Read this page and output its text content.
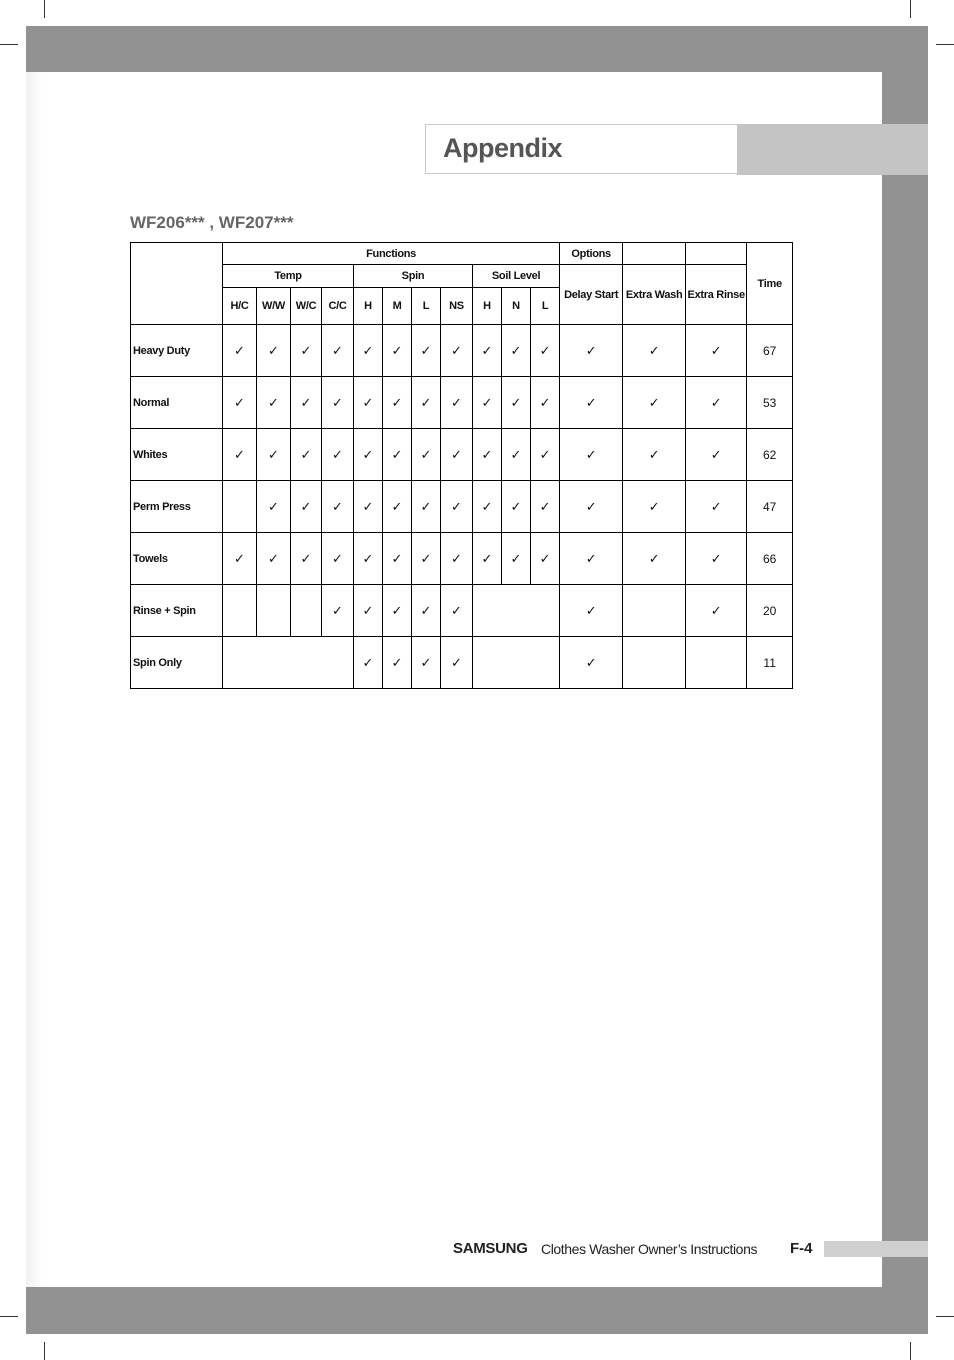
Appendix
WF206*** , WF207***
	Functions											Options			Time
	Temp				Spin				Soil Level			Delay Start	Extra Wash	Extra Rinse	
	H/C	W/W	W/C	C/C	H	M	L	NS	H	N	L				
Heavy Duty	✓	✓	✓	✓	✓	✓	✓	✓	✓	✓	✓	✓	✓	✓	67
Normal	✓	✓	✓	✓	✓	✓	✓	✓	✓	✓	✓	✓	✓	✓	53
Whites	✓	✓	✓	✓	✓	✓	✓	✓	✓	✓	✓	✓	✓	✓	62
Perm Press		✓	✓	✓	✓	✓	✓	✓	✓	✓	✓	✓	✓	✓	47
Towels	✓	✓	✓	✓	✓	✓	✓	✓	✓	✓	✓	✓	✓	✓	66
Rinse + Spin				✓	✓	✓	✓	✓				✓		✓	20
Spin Only					✓	✓	✓	✓				✓			11
SAMSUNG Clothes Washer Owner’s Instructions F-4
